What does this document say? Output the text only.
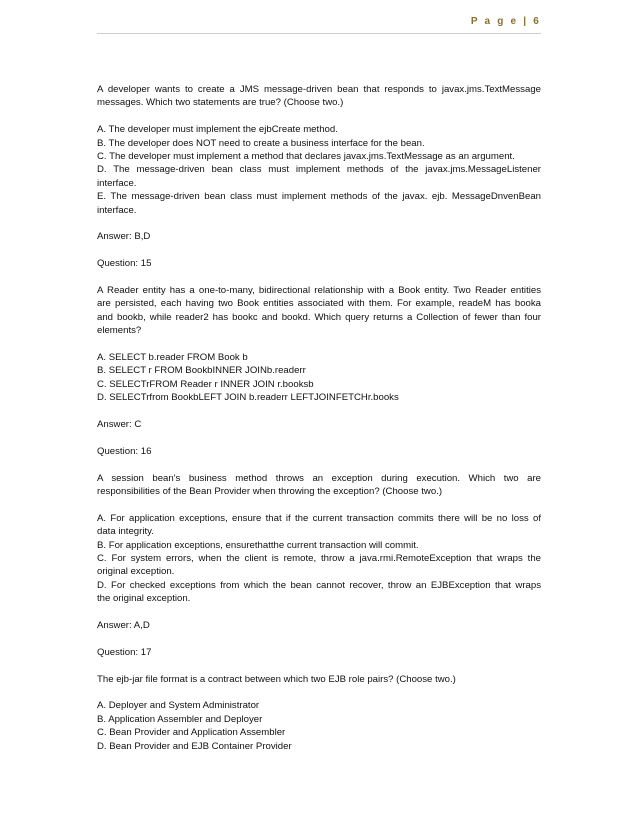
P a g e | 6
A developer wants to create a JMS message-driven bean that responds to javax.jms.TextMessage
messages. Which two statements are true? (Choose two.)
A. The developer must implement the ejbCreate method.
B. The developer does NOT need to create a business interface for the bean.
C. The developer must implement a method that declares javax.jms.TextMessage as an argument.
D. The message-driven bean class must implement methods of the javax.jms.MessageListener
interface.
E. The message-driven bean class must implement methods of the javax. ejb. MessageDnvenBean
interface.
Answer: B,D
Question: 15
A Reader entity has a one-to-many, bidirectional relationship with a Book entity. Two Reader entities
are persisted, each having two Book entities associated with them. For example, readeM has booka
and bookb, while reader2 has bookc and bookd. Which query returns a Collection of fewer than four
elements?
A. SELECT b.reader FROM Book b
B. SELECT r FROM BookbINNER JOINb.readerr
C. SELECTrFROM Reader r INNER JOIN r.booksb
D. SELECTrfrom BookbLEFT JOIN b.readerr LEFTJOINFETCHr.books
Answer: C
Question: 16
A session bean's business method throws an exception during execution. Which two are
responsibilities of the Bean Provider when throwing the exception? (Choose two.)
A. For application exceptions, ensure that if the current transaction commits there will be no loss of
data integrity.
B. For application exceptions, ensurethatthe current transaction will commit.
C. For system errors, when the client is remote, throw a java.rmi.RemoteException that wraps the
original exception.
D. For checked exceptions from which the bean cannot recover, throw an EJBException that wraps
the original exception.
Answer: A,D
Question: 17
The ejb-jar file format is a contract between which two EJB role pairs? (Choose two.)
A. Deployer and System Administrator
B. Application Assembler and Deployer
C. Bean Provider and Application Assembler
D. Bean Provider and EJB Container Provider
